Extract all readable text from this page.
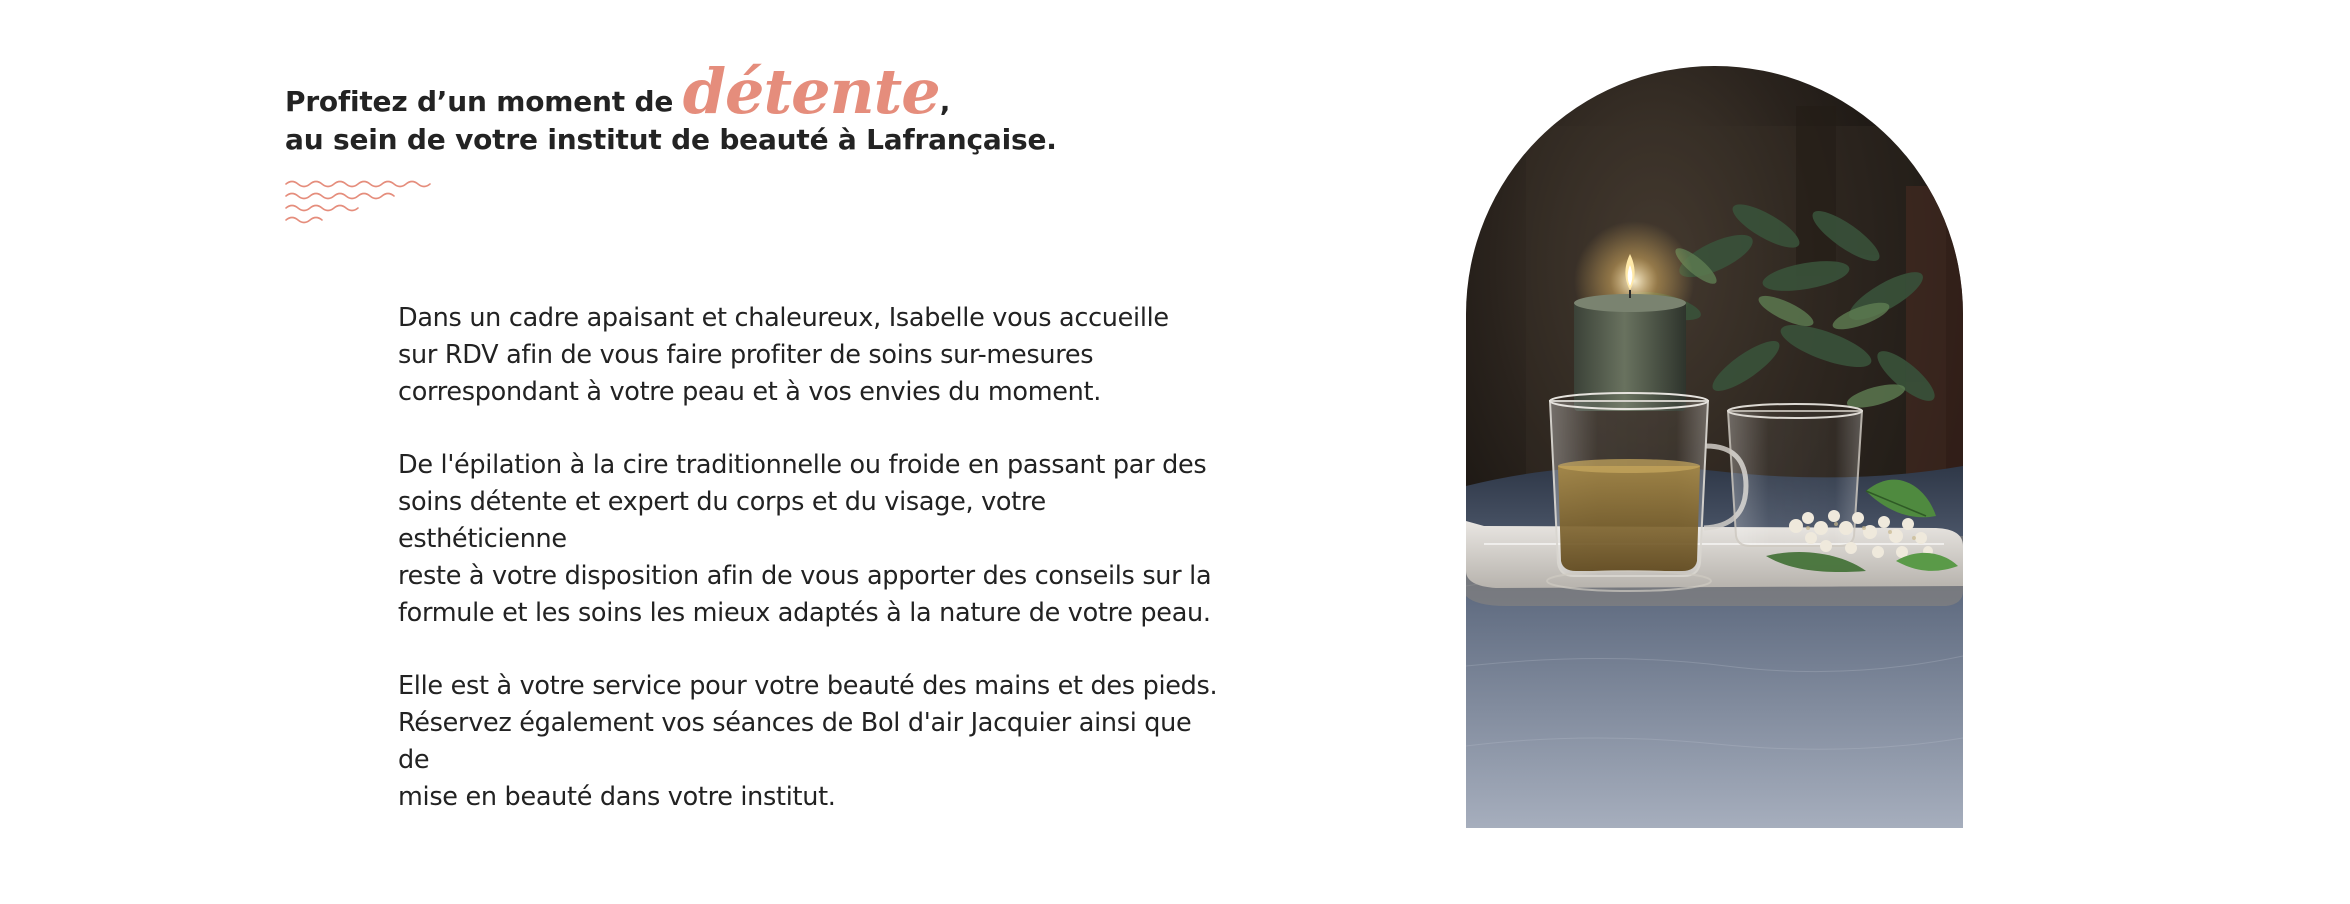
Profitez d’un moment de détente,
au sein de votre institut de beauté à Lafrançaise.

Dans un cadre apaisant et chaleureux, Isabelle vous accueille
sur RDV afin de vous faire profiter de soins sur-mesures
correspondant à votre peau et à vos envies du moment.

De l'épilation à la cire traditionnelle ou froide en passant par des
soins détente et expert du corps et du visage, votre esthéticienne
reste à votre disposition afin de vous apporter des conseils sur la
formule et les soins les mieux adaptés à la nature de votre peau.

Elle est à votre service pour votre beauté des mains et des pieds.
Réservez également vos séances de Bol d'air Jacquier ainsi que de
mise en beauté dans votre institut.
